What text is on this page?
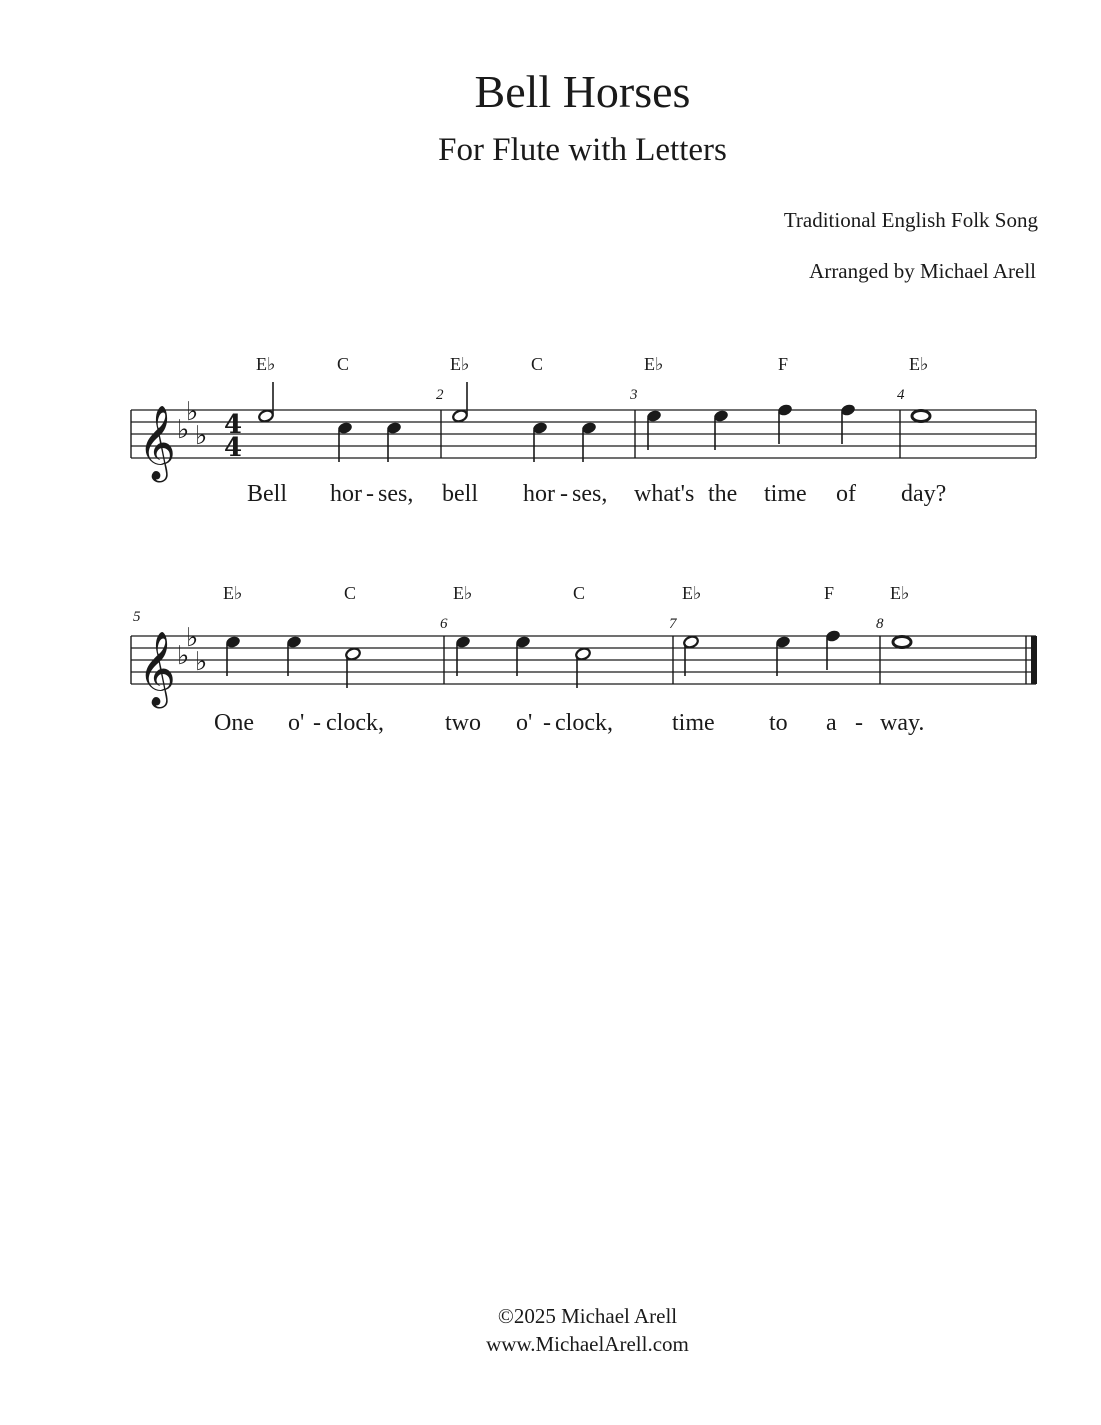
Bell Horses
For Flute with Letters
Traditional English Folk Song
Arranged by Michael Arell
E♭	C	E♭	C	E♭	F	E♭
2	3	4
𝄞 ♭
♭ ♭ 4
4
Bell hor - ses, bell hor - ses, what's the time of day?
E♭	C	E♭	C	E♭	F	E♭
5	6	7	8
𝄞 ♭
♭ ♭
One o' - clock,	two o' - clock, time to a - way.
©2025 Michael Arell
www.MichaelArell.com
